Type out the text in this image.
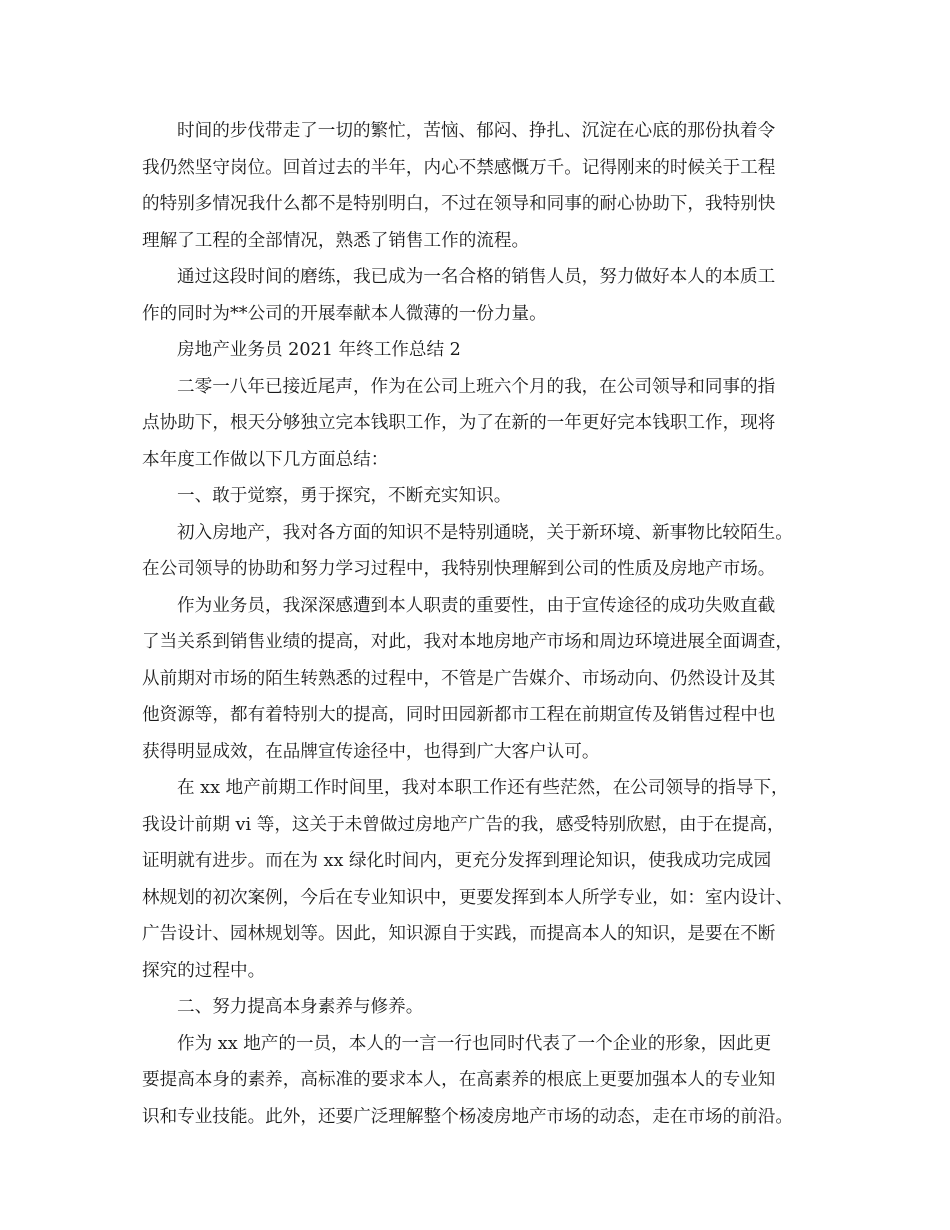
时间的步伐带走了一切的繁忙，苦恼、郁闷、挣扎、沉淀在心底的那份执着令
我仍然坚守岗位。回首过去的半年，内心不禁感慨万千。记得刚来的时候关于工程
的特别多情况我什么都不是特别明白，不过在领导和同事的耐心协助下，我特别快
理解了工程的全部情况，熟悉了销售工作的流程。
通过这段时间的磨练，我已成为一名合格的销售人员，努力做好本人的本质工
作的同时为**公司的开展奉献本人微薄的一份力量。
房地产业务员 2021 年终工作总结 2
二零一八年已接近尾声，作为在公司上班六个月的我，在公司领导和同事的指
点协助下，根天分够独立完本钱职工作，为了在新的一年更好完本钱职工作，现将
本年度工作做以下几方面总结：
一、敢于觉察，勇于探究，不断充实知识。
初入房地产，我对各方面的知识不是特别通晓，关于新环境、新事物比较陌生。
在公司领导的协助和努力学习过程中，我特别快理解到公司的性质及房地产市场。
作为业务员，我深深感遭到本人职责的重要性，由于宣传途径的成功失败直截
了当关系到销售业绩的提高，对此，我对本地房地产市场和周边环境进展全面调查，
从前期对市场的陌生转熟悉的过程中，不管是广告媒介、市场动向、仍然设计及其
他资源等，都有着特别大的提高，同时田园新都市工程在前期宣传及销售过程中也
获得明显成效，在品牌宣传途径中，也得到广大客户认可。
在 xx 地产前期工作时间里，我对本职工作还有些茫然，在公司领导的指导下，
我设计前期 vi 等，这关于未曾做过房地产广告的我，感受特别欣慰，由于在提高，
证明就有进步。而在为 xx 绿化时间内，更充分发挥到理论知识，使我成功完成园
林规划的初次案例，今后在专业知识中，更要发挥到本人所学专业，如：室内设计、
广告设计、园林规划等。因此，知识源自于实践，而提高本人的知识，是要在不断
探究的过程中。
二、努力提高本身素养与修养。
作为 xx 地产的一员，本人的一言一行也同时代表了一个企业的形象，因此更
要提高本身的素养，高标准的要求本人，在高素养的根底上更要加强本人的专业知
识和专业技能。此外，还要广泛理解整个杨凌房地产市场的动态，走在市场的前沿。
